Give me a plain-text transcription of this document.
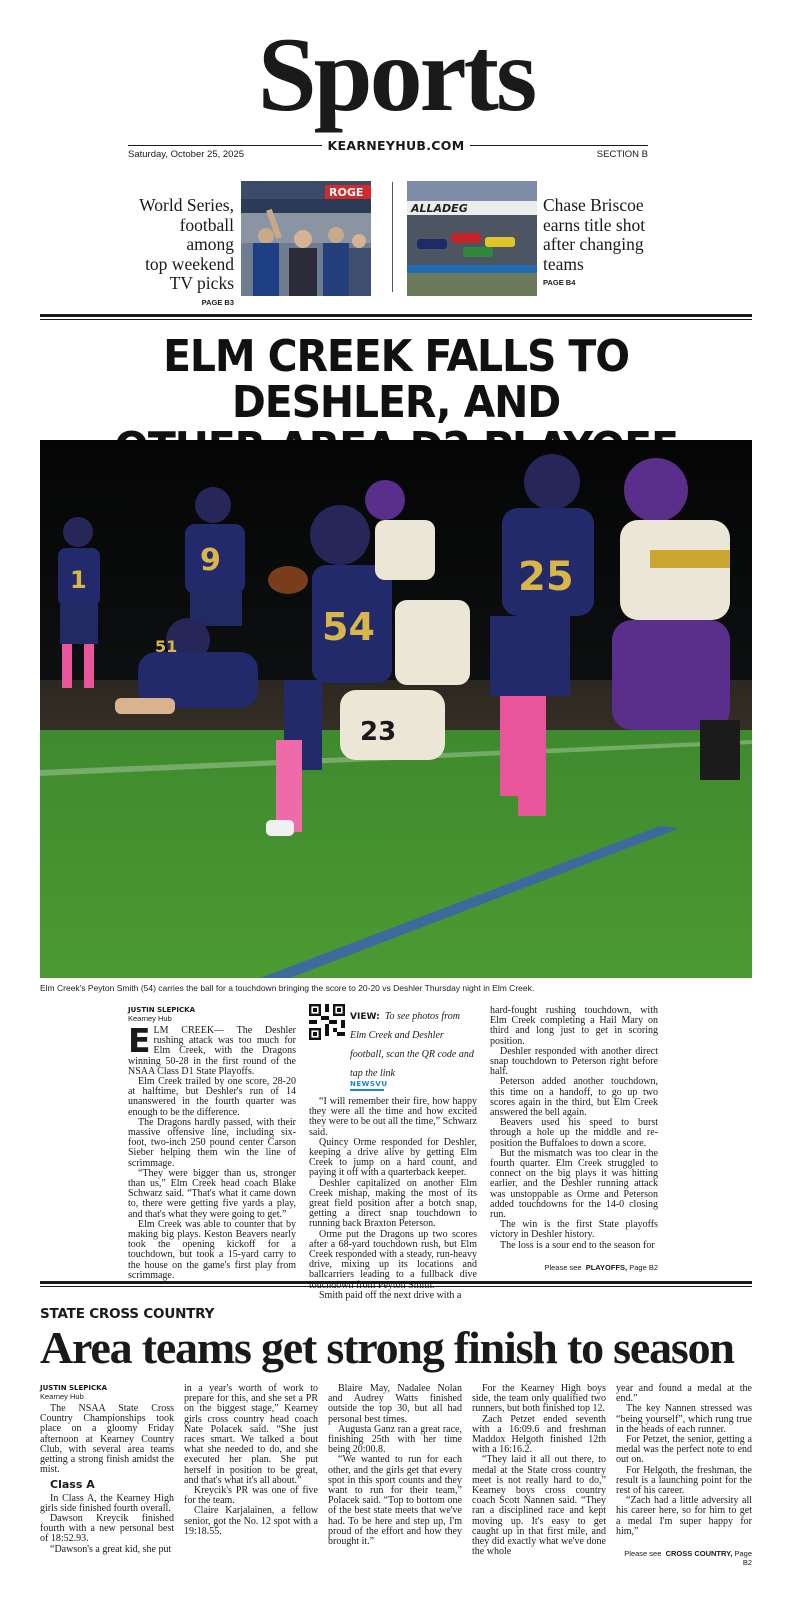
Sports
KEARNEYHUB.COM
Saturday, October 25, 2025	SECTION B
World Series,
football among
top weekend
TV picks
PAGE B3
ROGE
ALLADEG	Chase Briscoe
earns title shot
after changing
teams
PAGE B4
ELM CREEK FALLS TO DESHLER, AND

1
9
51	54
23
25
Elm Creek's Peyton Smith (54) carries the ball for a touchdown bringing the score to 20-20 vs Deshler Thursday night in Elm Creek.
JUSTIN SLEPICKA
Kearney Hub

ELM CREEK— The Deshler rushing attack was too much for Elm Creek, with the Dragons winning 50-28 in the first round of the NSAA Class D1 State Playoffs.

Elm Creek trailed by one score, 28-20 at halftime, but Deshler's run of 14 unanswered in the fourth quarter was enough to be the difference.

The Dragons hardly passed, with their massive offensive line, including six-foot, two-inch 250 pound center Carson Sieber helping them win the line of scrimmage.

“They were bigger than us, stronger than us,” Elm Creek head coach Blake Schwarz said. “That's what it came down to, there were getting five yards a play, and that's what they were going to get.”

Elm Creek was able to counter that by making big plays. Keston Beavers nearly took the opening kickoff for a touchdown, but took a 15-yard carry to the house on the game's first play from scrimmage.

VIEW: To see photos from Elm Creek and Deshler football, scan the QR code and tap the link
NEWSVU

“I will remember their fire, how happy they were all the time and how excited they were to be out all the time,” Schwarz said.

Quincy Orme responded for Deshler, keeping a drive alive by getting Elm Creek to jump on a hard count, and paying it off with a quarterback keeper.

Deshler capitalized on another Elm Creek mishap, making the most of its great field position after a botch snap, getting a direct snap touchdown to running back Braxton Peterson.

Orme put the Dragons up two scores after a 68-yard touchdown rush, but Elm Creek responded with a steady, run-heavy drive, mixing up its locations and ballcarriers leading to a fullback dive

Smith paid off the next drive with a

hard-fought rushing touchdown, with Elm Creek completing a Hail Mary on third and long just to get in scoring position.

Deshler responded with another direct snap touchdown to Peterson right before half.

Peterson added another touchdown, this time on a handoff, to go up two scores again in the third, but Elm Creek answered the bell again.

Beavers used his speed to burst through a hole up the middle and re-position the Buffaloes to down a score.

But the mismatch was too clear in the fourth quarter. Elm Creek struggled to connect on the big plays it was hitting earlier, and the Deshler running attack was unstoppable as Orme and Peterson added touchdowns for the 14-0 closing run.

The win is the first State playoffs victory in Deshler history.

The loss is a sour end to the season for

Please see PLAYOFFS, Page B2
STATE CROSS COUNTRY
Area teams get strong finish to season
JUSTIN SLEPICKA
Kearney Hub

The NSAA State Cross Country Championships took place on a gloomy Friday afternoon at Kearney Country Club, with several area teams getting a strong finish amidst the mist.

Class A

In Class A, the Kearney High girls side finished fourth overall.

Dawson Kreycik finished fourth with a new personal best of 18:52.93.

“Dawson's a great kid, she put

in a year's worth of work to prepare for this, and she set a PR on the biggest stage,” Kearney girls cross country head coach Nate Polacek said. “She just races smart. We talked a bout what she needed to do, and she executed her plan. She put herself in position to be great, and that's what it's all about.”

Kreycik's PR was one of five for the team.

Claire Karjalainen, a fellow senior, got the No. 12 spot with a 19:18.55.

Blaire May, Nadalee Nolan and Audrey Watts finished outside the top 30, but all had personal best times.

Augusta Ganz ran a great race, finishing 25th with her time being 20:00.8.

“We wanted to run for each other, and the girls get that every spot in this sport counts and they want to run for their team,” Polacek said. “Top to bottom one of the best state meets that we've had. To be here and step up, I'm proud of the effort and how they brought it.”

For the Kearney High boys side, the team only qualified two runners, but both finished top 12.

Zach Petzet ended seventh with a 16:09.6 and freshman Maddox Helgoth finished 12th with a 16:16.2.

“They laid it all out there, to medal at the State cross country meet is not really hard to do,” Kearney boys cross country coach Scott Nannen said. “They ran a disciplined race and kept moving up. It's easy to get caught up in that first mile, and they did exactly what we've done the whole

year and found a medal at the end.”

The key Nannen stressed was “being yourself”, which rung true in the heads of each runner.

For Petzet, the senior, getting a medal was the perfect note to end out on.

For Helgoth, the freshman, the result is a launching point for the rest of his career.

“Zach had a little adversity all his career here, so for him to get a medal I'm super happy for him,”

Please see CROSS COUNTRY, Page B2
